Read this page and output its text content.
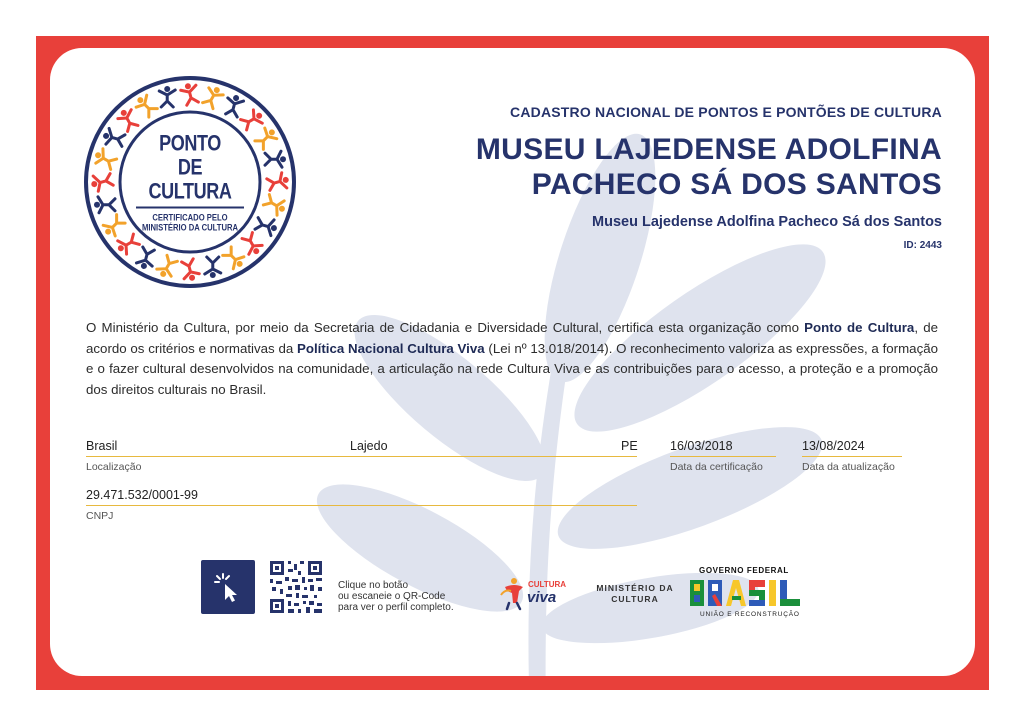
PONTO
DE CULTURA
CERTIFICADO PELO
MINISTÉRIO DA CULTURA
CADASTRO NACIONAL DE PONTOS E PONTÕES DE CULTURA
MUSEU LAJEDENSE ADOLFINA
PACHECO SÁ DOS SANTOS
Museu Lajedense Adolfina Pacheco Sá dos Santos
ID: 2443
O Ministério da Cultura, por meio da Secretaria de Cidadania e Diversidade Cultural, certifica esta organização como Ponto de Cultura, de acordo os critérios e normativas da Política Nacional Cultura Viva (Lei nº 13.018/2014). O reconhecimento valoriza as expressões, a formação e o fazer cultural desenvolvidos na comunidade, a articulação na rede Cultura Viva e as contribuições para o acesso, a proteção e a promoção dos direitos culturais no Brasil.
Brasil	Lajedo	PE
Localização
16/03/2018
Data da certificação
13/08/2024
Data da atualização
29.471.532/0001-99
CNPJ
Clique no botão
ou escaneie o QR-Code
para ver o perfil completo.
CULTURA
viva
MINISTÉRIO DA
CULTURA
GOVERNO FEDERAL
UNIÃO E RECONSTRUÇÃO
